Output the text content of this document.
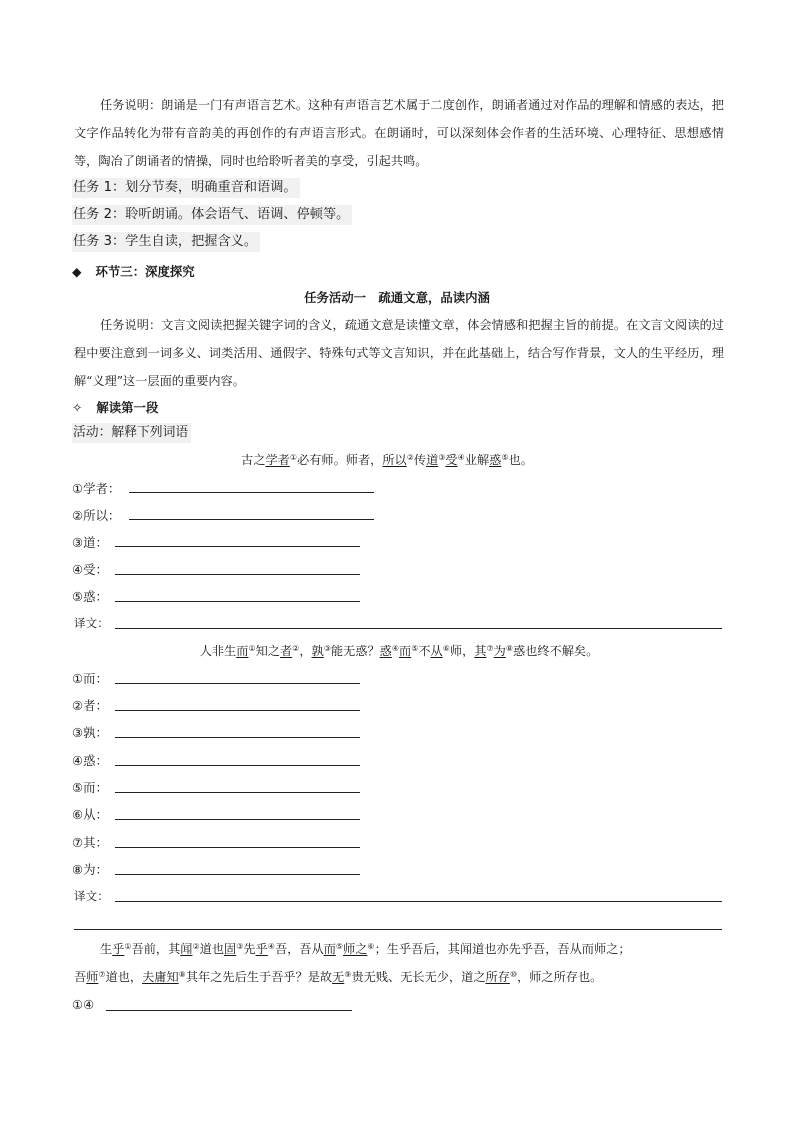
任务说明：朗诵是一门有声语言艺术。这种有声语言艺术属于二度创作，朗诵者通过对作品的理解和情感的表达，把文字作品转化为带有音韵美的再创作的有声语言形式。在朗诵时，可以深刻体会作者的生活环境、心理特征、思想感情等，陶冶了朗诵者的情操，同时也给聆听者美的享受，引起共鸣。
任务 1：划分节奏，明确重音和语调。
任务 2：聆听朗诵。体会语气、语调、停顿等。
任务 3：学生自读，把握含义。
◆ 环节三：深度探究
任务活动一　疏通文意，品读内涵
任务说明：文言文阅读把握关键字词的含义，疏通文意是读懂文章，体会情感和把握主旨的前提。在文言文阅读的过程中要注意到一词多义、词类活用、通假字、特殊句式等文言知识，并在此基础上，结合写作背景，文人的生平经历，理解“义理”这一层面的重要内容。
✧ 解读第一段
活动：解释下列词语
古之学者①必有师。师者，所以②传道③受④业解惑⑤也。
①学者：
②所以：
③道：
④受：
⑤惑：
译文：
人非生而①知之者②，孰③能无惑？惑④而⑤不从⑥师，其⑦为⑧惑也终不解矣。
①而：
②者：
③孰：
④惑：
⑤而：
⑥从：
⑦其：
⑧为：
译文：
生乎①吾前，其闻②道也固③先乎④吾，吾从而⑤师之⑥；生乎吾后，其闻道也亦先乎吾，吾从而师之；
吾师⑦道也，夫庸知⑧其年之先后生于吾乎？是故无⑨贵无贱、无长无少，道之所存⑩，师之所存也。
①④
